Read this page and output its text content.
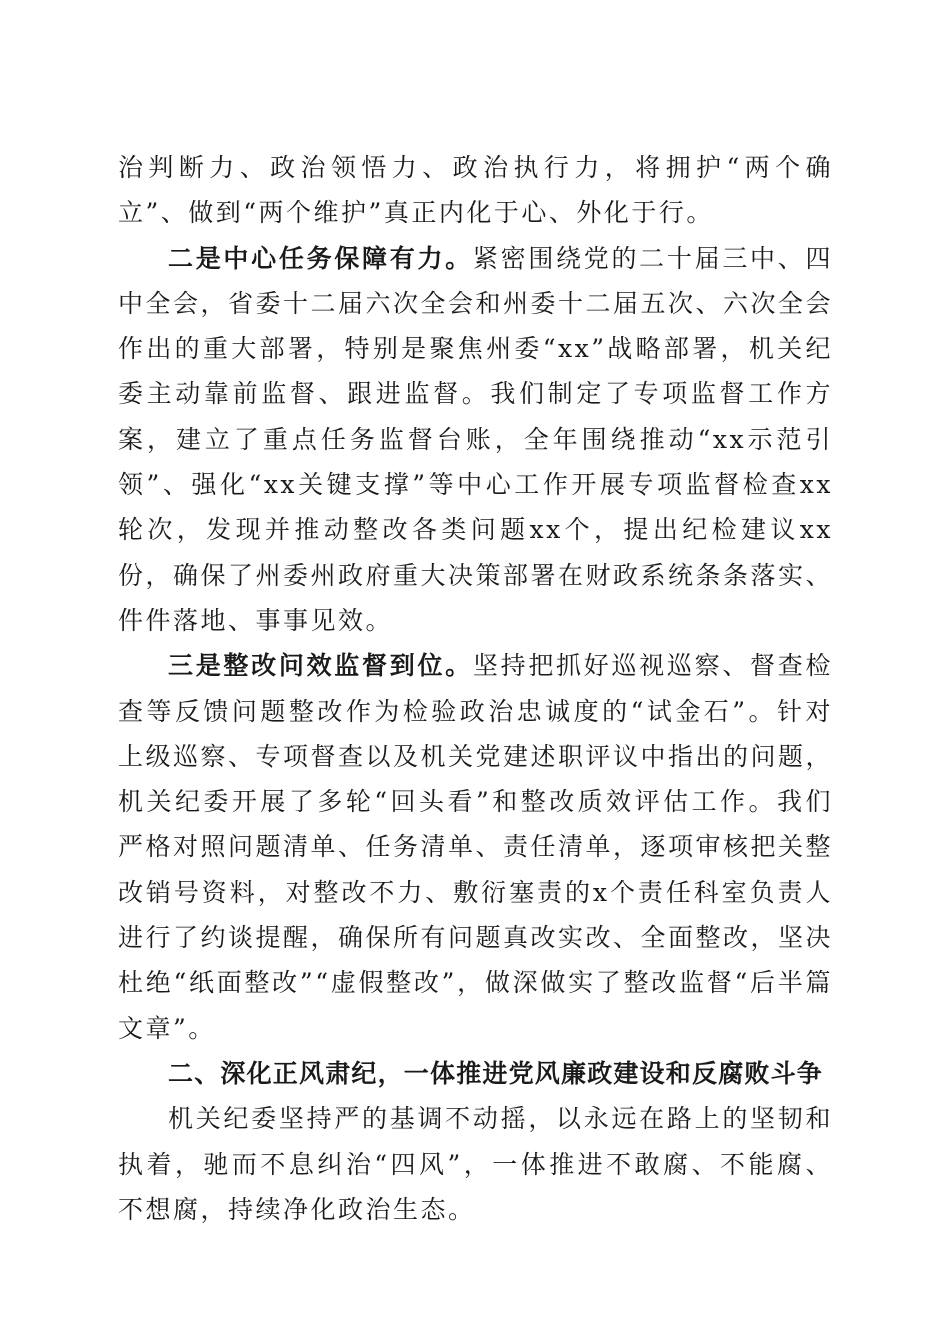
治判断力、政治领悟力、政治执行力，将拥护“两个确立”、做到“两个维护”真正内化于心、外化于行。

二是中心任务保障有力。紧密围绕党的二十届三中、四中全会，省委十二届六次全会和州委十二届五次、六次全会作出的重大部署，特别是聚焦州委“xx”战略部署，机关纪委主动靠前监督、跟进监督。我们制定了专项监督工作方案，建立了重点任务监督台账，全年围绕推动“xx示范引领”、强化“xx关键支撑”等中心工作开展专项监督检查xx轮次，发现并推动整改各类问题xx个，提出纪检建议xx份，确保了州委州政府重大决策部署在财政系统条条落实、件件落地、事事见效。

三是整改问效监督到位。坚持把抓好巡视巡察、督查检查等反馈问题整改作为检验政治忠诚度的“试金石”。针对上级巡察、专项督查以及机关党建述职评议中指出的问题，机关纪委开展了多轮“回头看”和整改质效评估工作。我们严格对照问题清单、任务清单、责任清单，逐项审核把关整改销号资料，对整改不力、敷衍塞责的x个责任科室负责人进行了约谈提醒，确保所有问题真改实改、全面整改，坚决杜绝“纸面整改”“虚假整改”，做深做实了整改监督“后半篇文章”。

二、深化正风肃纪，一体推进党风廉政建设和反腐败斗争

机关纪委坚持严的基调不动摇，以永远在路上的坚韧和执着，驰而不息纠治“四风”，一体推进不敢腐、不能腐、不想腐，持续净化政治生态。
